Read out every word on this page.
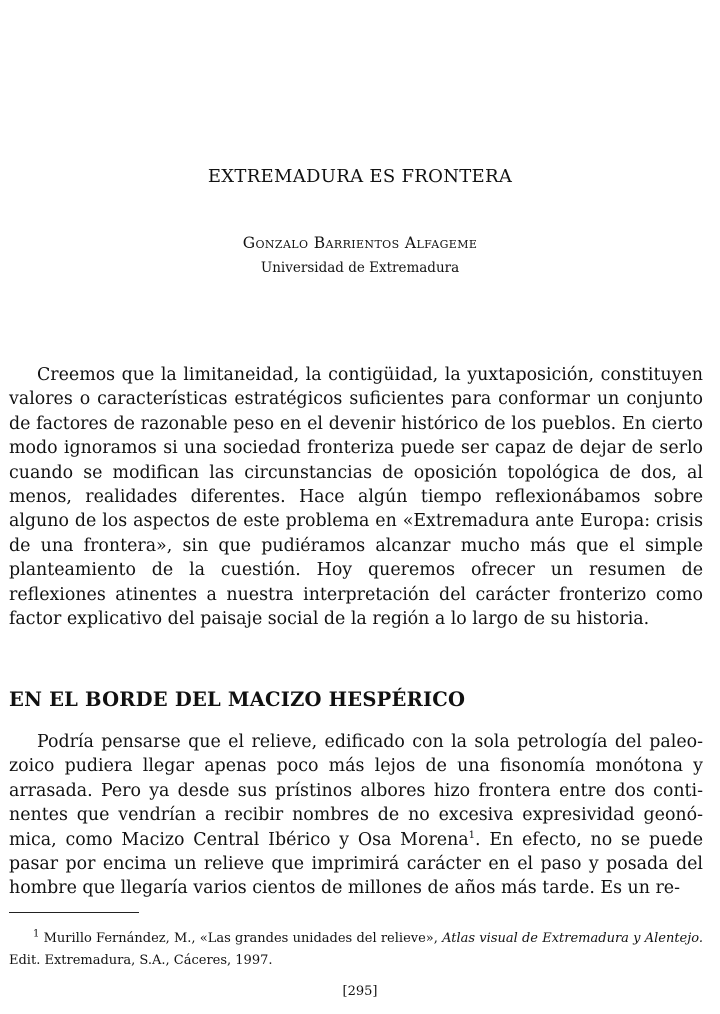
EXTREMADURA ES FRONTERA
Gonzalo Barrientos Alfageme
Universidad de Extremadura

Creemos que la limitaneidad, la contigüidad, la yuxtaposición, constituyen valores o características estratégicos suficientes para conformar un conjunto de factores de razonable peso en el devenir histórico de los pueblos. En cierto modo ignoramos si una sociedad fronteriza puede ser capaz de dejar de serlo cuando se modifican las circunstancias de oposición topológica de dos, al menos, realidades diferentes. Hace algún tiempo reflexionábamos sobre alguno de los aspectos de este problema en «Extremadura ante Europa: crisis de una frontera», sin que pudiéramos alcanzar mucho más que el simple planteamiento de la cuestión. Hoy queremos ofrecer un resumen de reflexiones atinentes a nuestra interpretación del carácter fronterizo como factor explicativo del paisaje social de la región a lo largo de su historia.

EN EL BORDE DEL MACIZO HESPÉRICO

Podría pensarse que el relieve, edificado con la sola petrología del paleozoico pudiera llegar apenas poco más lejos de una fisonomía monótona y arrasada. Pero ya desde sus prístinos albores hizo frontera entre dos continentes que vendrían a recibir nombres de no excesiva expresividad geonómica, como Macizo Central Ibérico y Osa Morena$^1$. En efecto, no se puede pasar por encima un relieve que imprimirá carácter en el paso y posada del hombre que llegaría varios cientos de millones de años más tarde. Es un re-

$^1$ Murillo Fernández, M., «Las grandes unidades del relieve», Atlas visual de Extremadura y Alentejo. Edit. Extremadura, S.A., Cáceres, 1997.

[295]
